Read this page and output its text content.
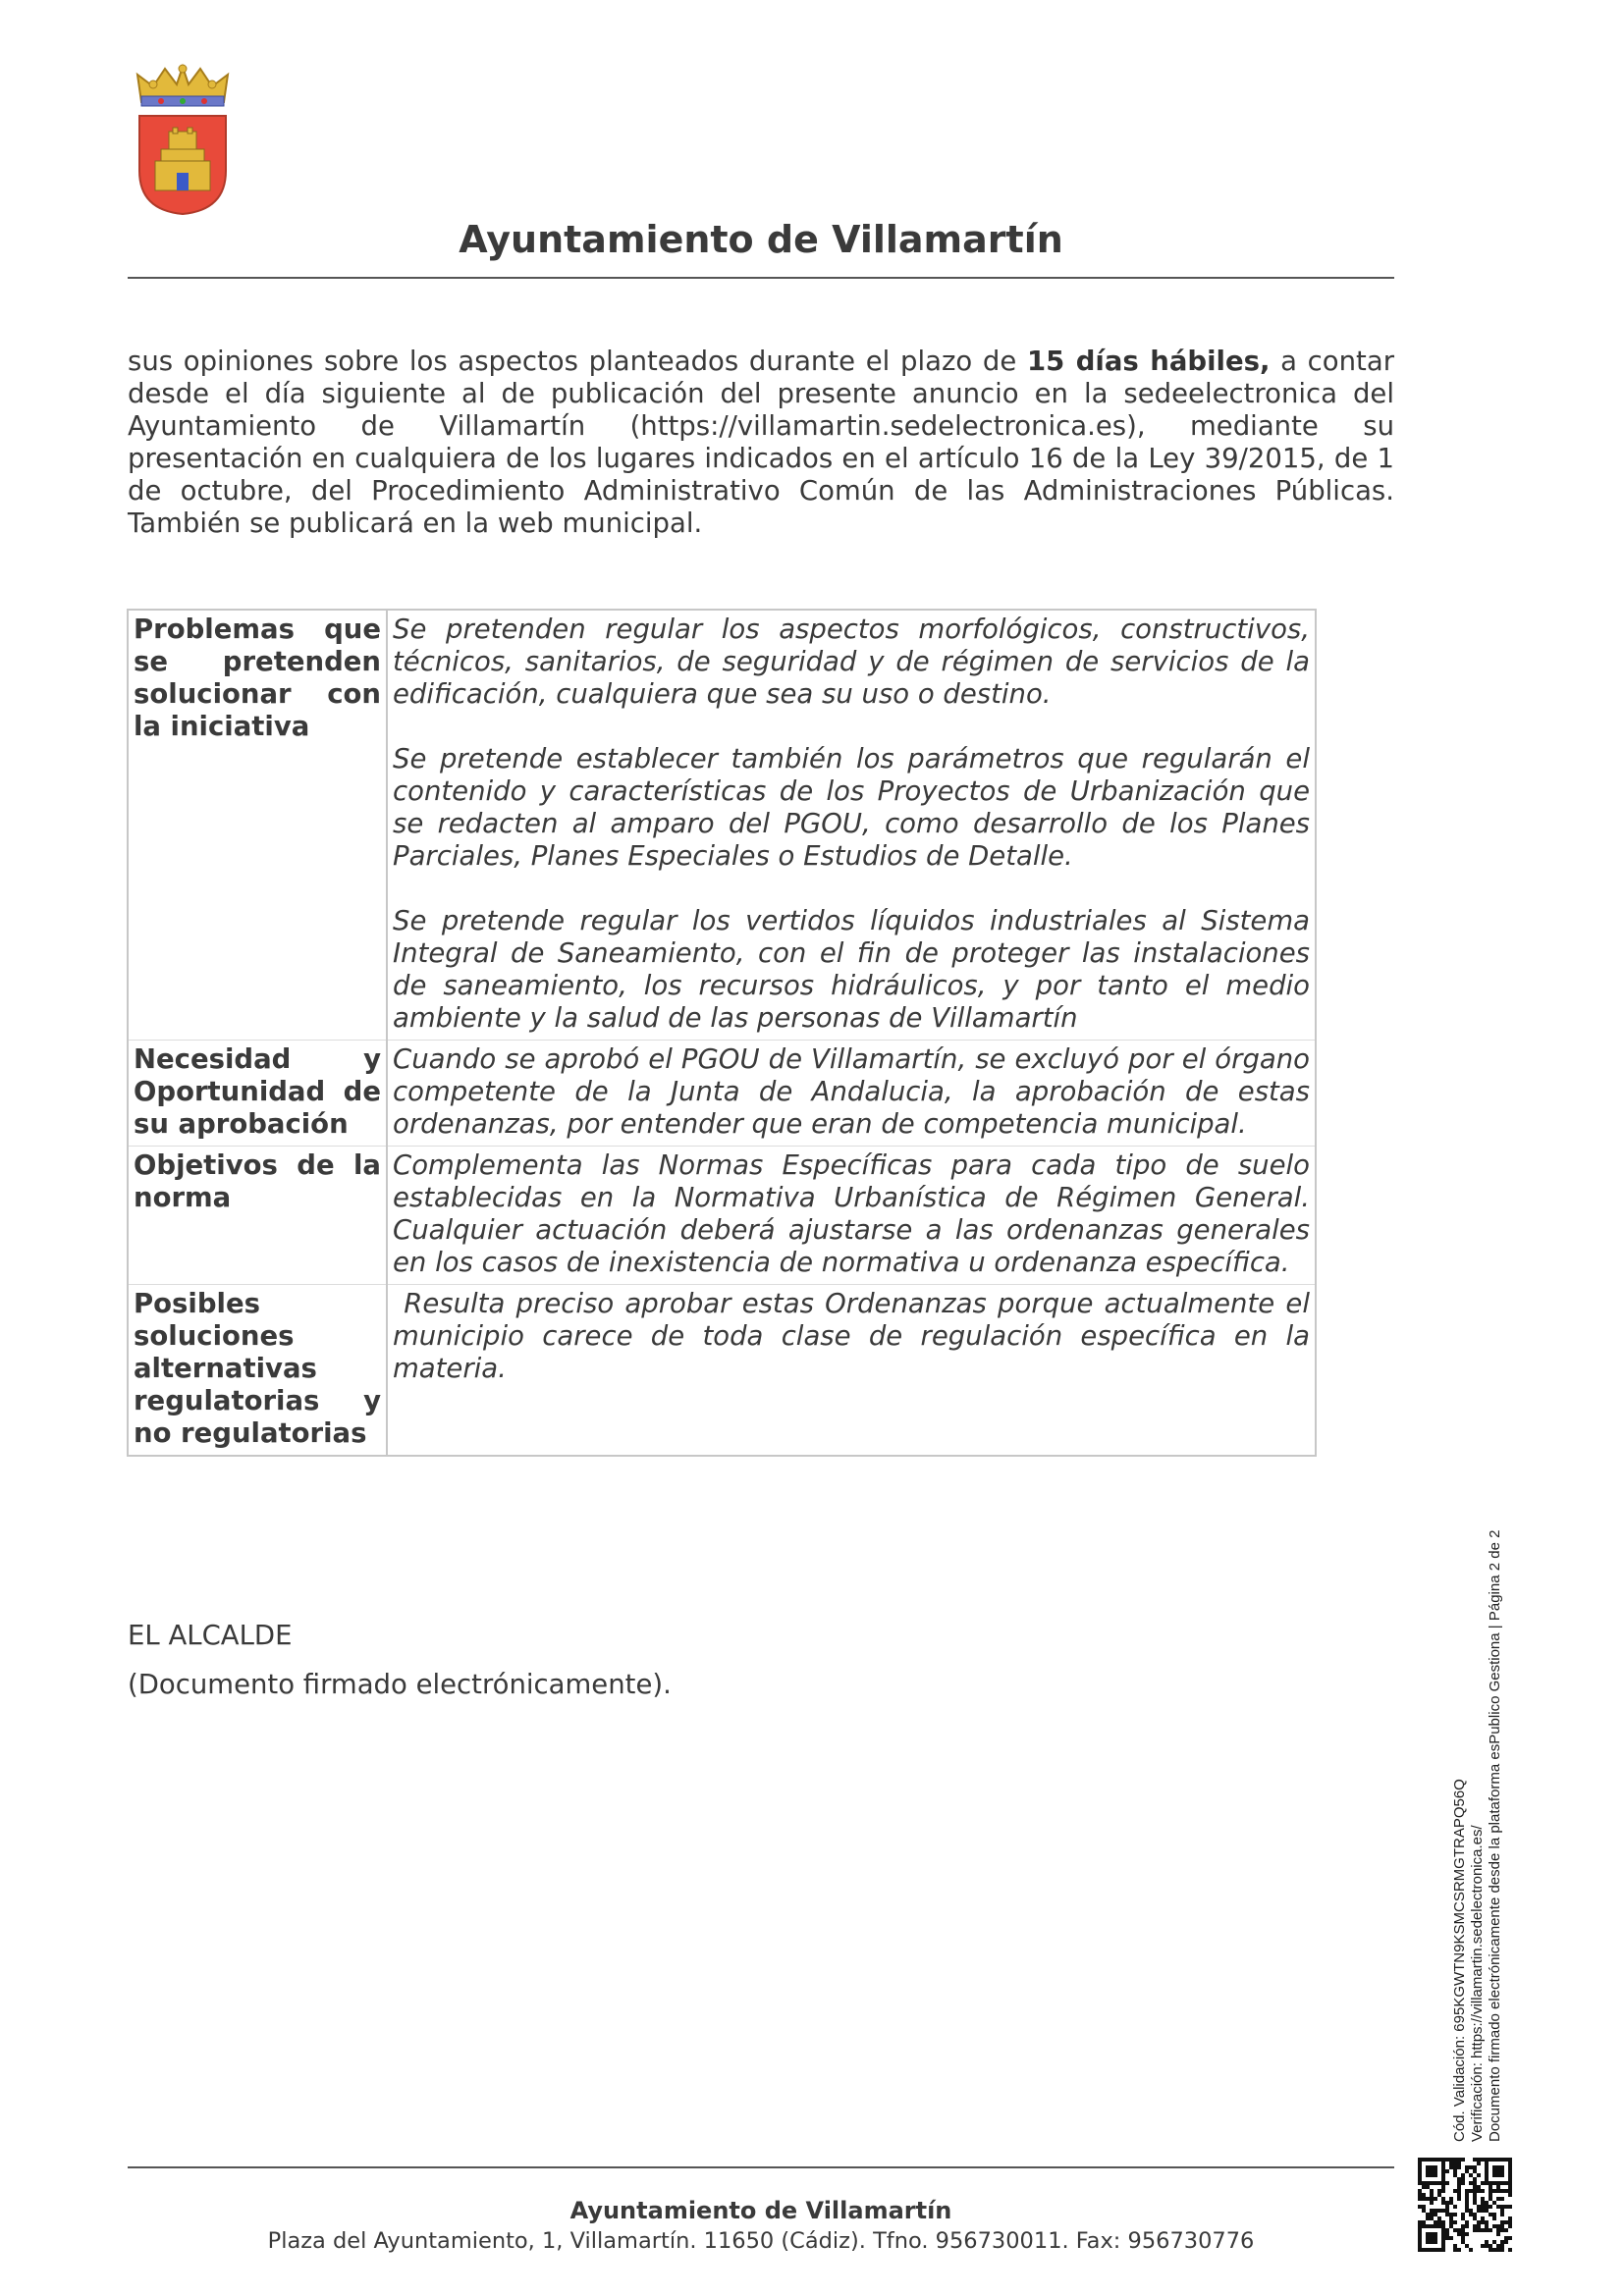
Ayuntamiento de Villamartín
sus opiniones sobre los aspectos planteados durante el plazo de 15 días hábiles, a contar desde el día siguiente al de publicación del presente anuncio en la sedeelectronica del Ayuntamiento de Villamartín (https://villamartin.sedelectronica.es), mediante su presentación en cualquiera de los lugares indicados en el artículo 16 de la Ley 39/2015, de 1 de octubre, del Procedimiento Administrativo Común de las Administraciones Públicas. También se publicará en la web municipal.
Problemas que se pretenden solucionar con la iniciativa	Se pretenden regular los aspectos morfológicos, constructivos, técnicos, sanitarios, de seguridad y de régimen de servicios de la edificación, cualquiera que sea su uso o destino.

Se pretende establecer también los parámetros que regularán el contenido y características de los Proyectos de Urbanización que se redacten al amparo del PGOU, como desarrollo de los Planes Parciales, Planes Especiales o Estudios de Detalle.

Se pretende regular los vertidos líquidos industriales al Sistema Integral de Saneamiento, con el fin de proteger las instalaciones de saneamiento, los recursos hidráulicos, y por tanto el medio ambiente y la salud de las personas de Villamartín

Necesidad y Oportunidad de su aprobación	Cuando se aprobó el PGOU de Villamartín, se excluyó por el órgano competente de la Junta de Andalucia, la aprobación de estas ordenanzas, por entender que eran de competencia municipal.

Objetivos de la norma	Complementa las Normas Específicas para cada tipo de suelo establecidas en la Normativa Urbanística de Régimen General. Cualquier actuación deberá ajustarse a las ordenanzas generales en los casos de inexistencia de normativa u ordenanza específica.

Posibles soluciones alternativas regulatorias y no regulatorias	Resulta preciso aprobar estas Ordenanzas porque actualmente el municipio carece de toda clase de regulación específica en la materia.

EL ALCALDE
(Documento firmado electrónicamente).
Cód. Validación: 695KGWTN9KSMCSRMGTRAPQ56Q Verificación: https://villamartin.sedelectronica.es/ Documento firmado electrónicamente desde la plataforma esPublico Gestiona | Página 2 de 2
Ayuntamiento de Villamartín
Plaza del Ayuntamiento, 1, Villamartín. 11650 (Cádiz). Tfno. 956730011. Fax: 956730776
